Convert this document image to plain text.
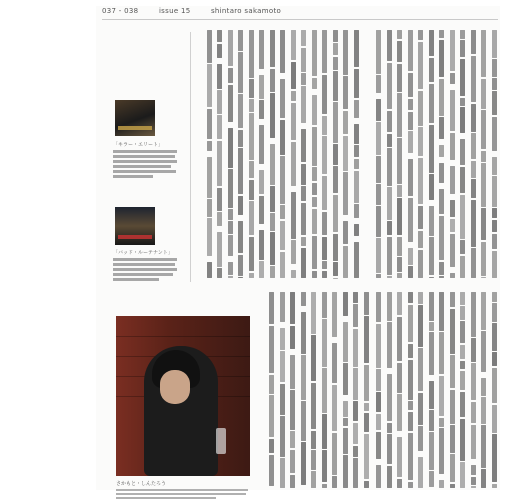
037 - 038	issue 15	shintaro sakamoto
「キラー・エリート」
「バッド・ルーテナント」
さかもと・しんたろう
